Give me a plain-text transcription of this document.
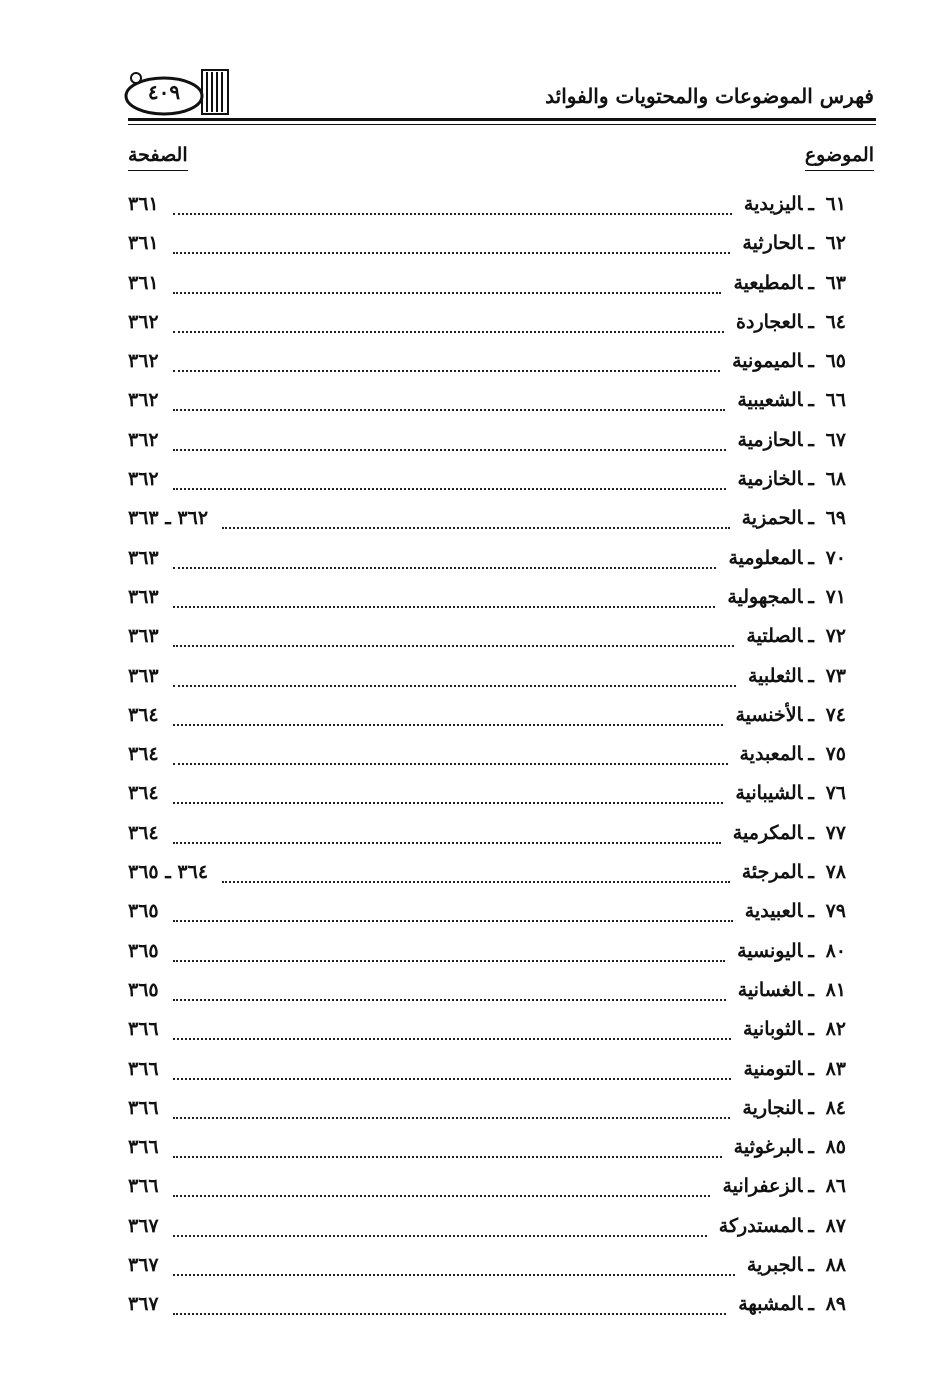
٤٠٩	فهرس الموضوعات والمحتويات والفوائد
الموضوع
الصفحة
٦١ـاليزيدية
٣٦١
٦٢ـالحارثية
٣٦١
٦٣ـالمطيعية
٣٦١
٦٤ـالعجاردة
٣٦٢
٦٥ـالميمونية
٣٦٢
٦٦ـالشعيبية
٣٦٢
٦٧ـالحازمية
٣٦٢
٦٨ـالخازمية
٣٦٢
٦٩ـالحمزية
٣٦٢ ـ ٣٦٣
٧٠ـالمعلومية
٣٦٣
٧١ـالمجهولية
٣٦٣
٧٢ـالصلتية
٣٦٣
٧٣ـالثعلبية
٣٦٣
٧٤ـالأخنسية
٣٦٤
٧٥ـالمعبدية
٣٦٤
٧٦ـالشيبانية
٣٦٤
٧٧ـالمكرمية
٣٦٤
٧٨ـالمرجئة
٣٦٤ ـ ٣٦٥
٧٩ـالعبيدية
٣٦٥
٨٠ـاليونسية
٣٦٥
٨١ـالغسانية
٣٦٥
٨٢ـالثوبانية
٣٦٦
٨٣ـالتومنية
٣٦٦
٨٤ـالنجارية
٣٦٦
٨٥ـالبرغوثية
٣٦٦
٨٦ـالزعفرانية
٣٦٦
٨٧ـالمستدركة
٣٦٧
٨٨ـالجبرية
٣٦٧
٨٩ـالمشبهة
٣٦٧
